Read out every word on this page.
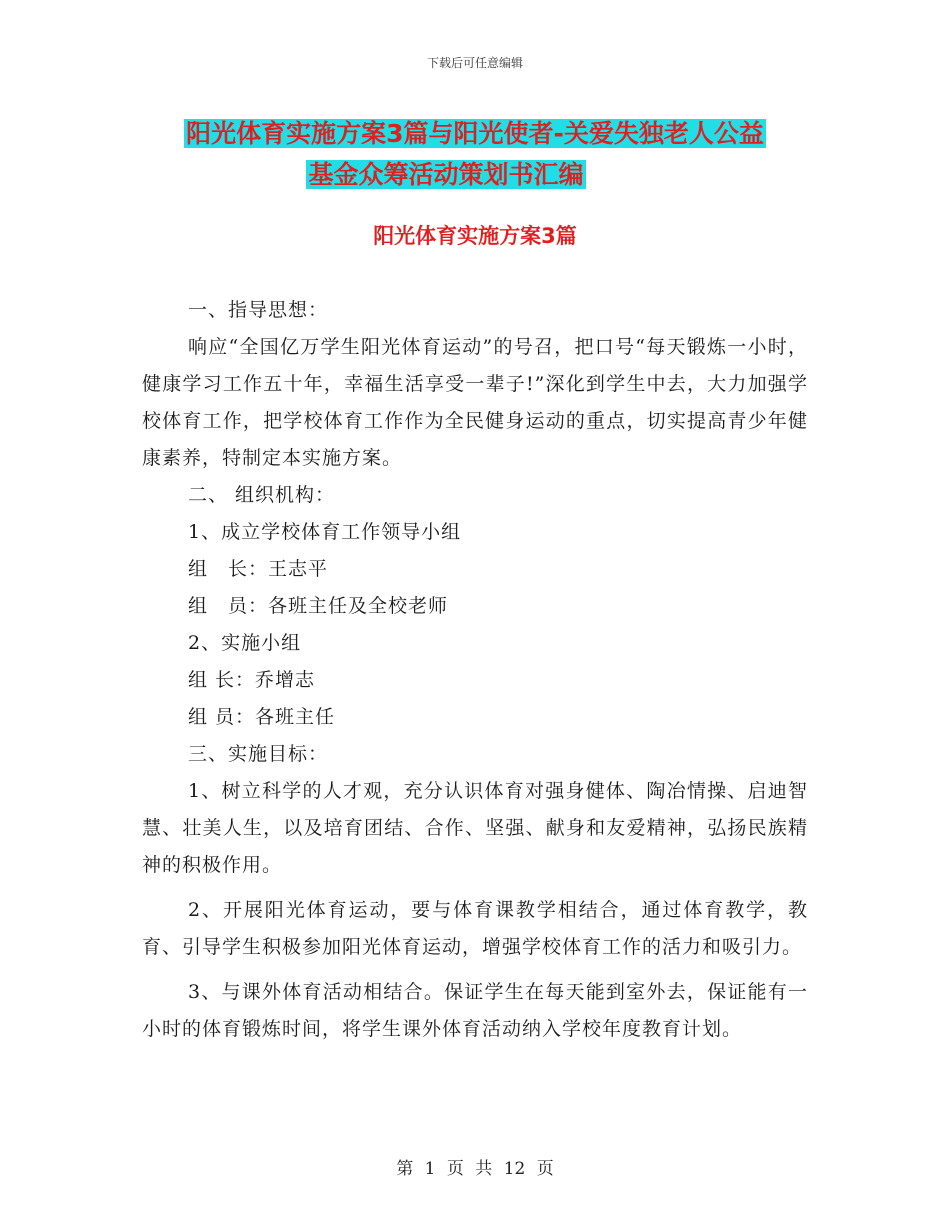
下载后可任意编辑
阳光体育实施方案3篇与阳光使者-关爱失独老人公益
基金众筹活动策划书汇编
阳光体育实施方案3篇

一、指导思想：

响应“全国亿万学生阳光体育运动”的号召，把口号“每天锻炼一小时，健康学习工作五十年，幸福生活享受一辈子!”深化到学生中去，大力加强学校体育工作，把学校体育工作作为全民健身运动的重点，切实提高青少年健康素养，特制定本实施方案。

二、 组织机构：

1、成立学校体育工作领导小组

组　长：王志平

组　员：各班主任及全校老师

2、实施小组

组 长：乔增志

组 员：各班主任

三、实施目标：

1、树立科学的人才观，充分认识体育对强身健体、陶冶情操、启迪智慧、壮美人生，以及培育团结、合作、坚强、献身和友爱精神，弘扬民族精神的积极作用。

2、开展阳光体育运动，要与体育课教学相结合，通过体育教学，教育、引导学生积极参加阳光体育运动，增强学校体育工作的活力和吸引力。

3、与课外体育活动相结合。保证学生在每天能到室外去，保证能有一小时的体育锻炼时间，将学生课外体育活动纳入学校年度教育计划。

第 1 页 共 12 页
